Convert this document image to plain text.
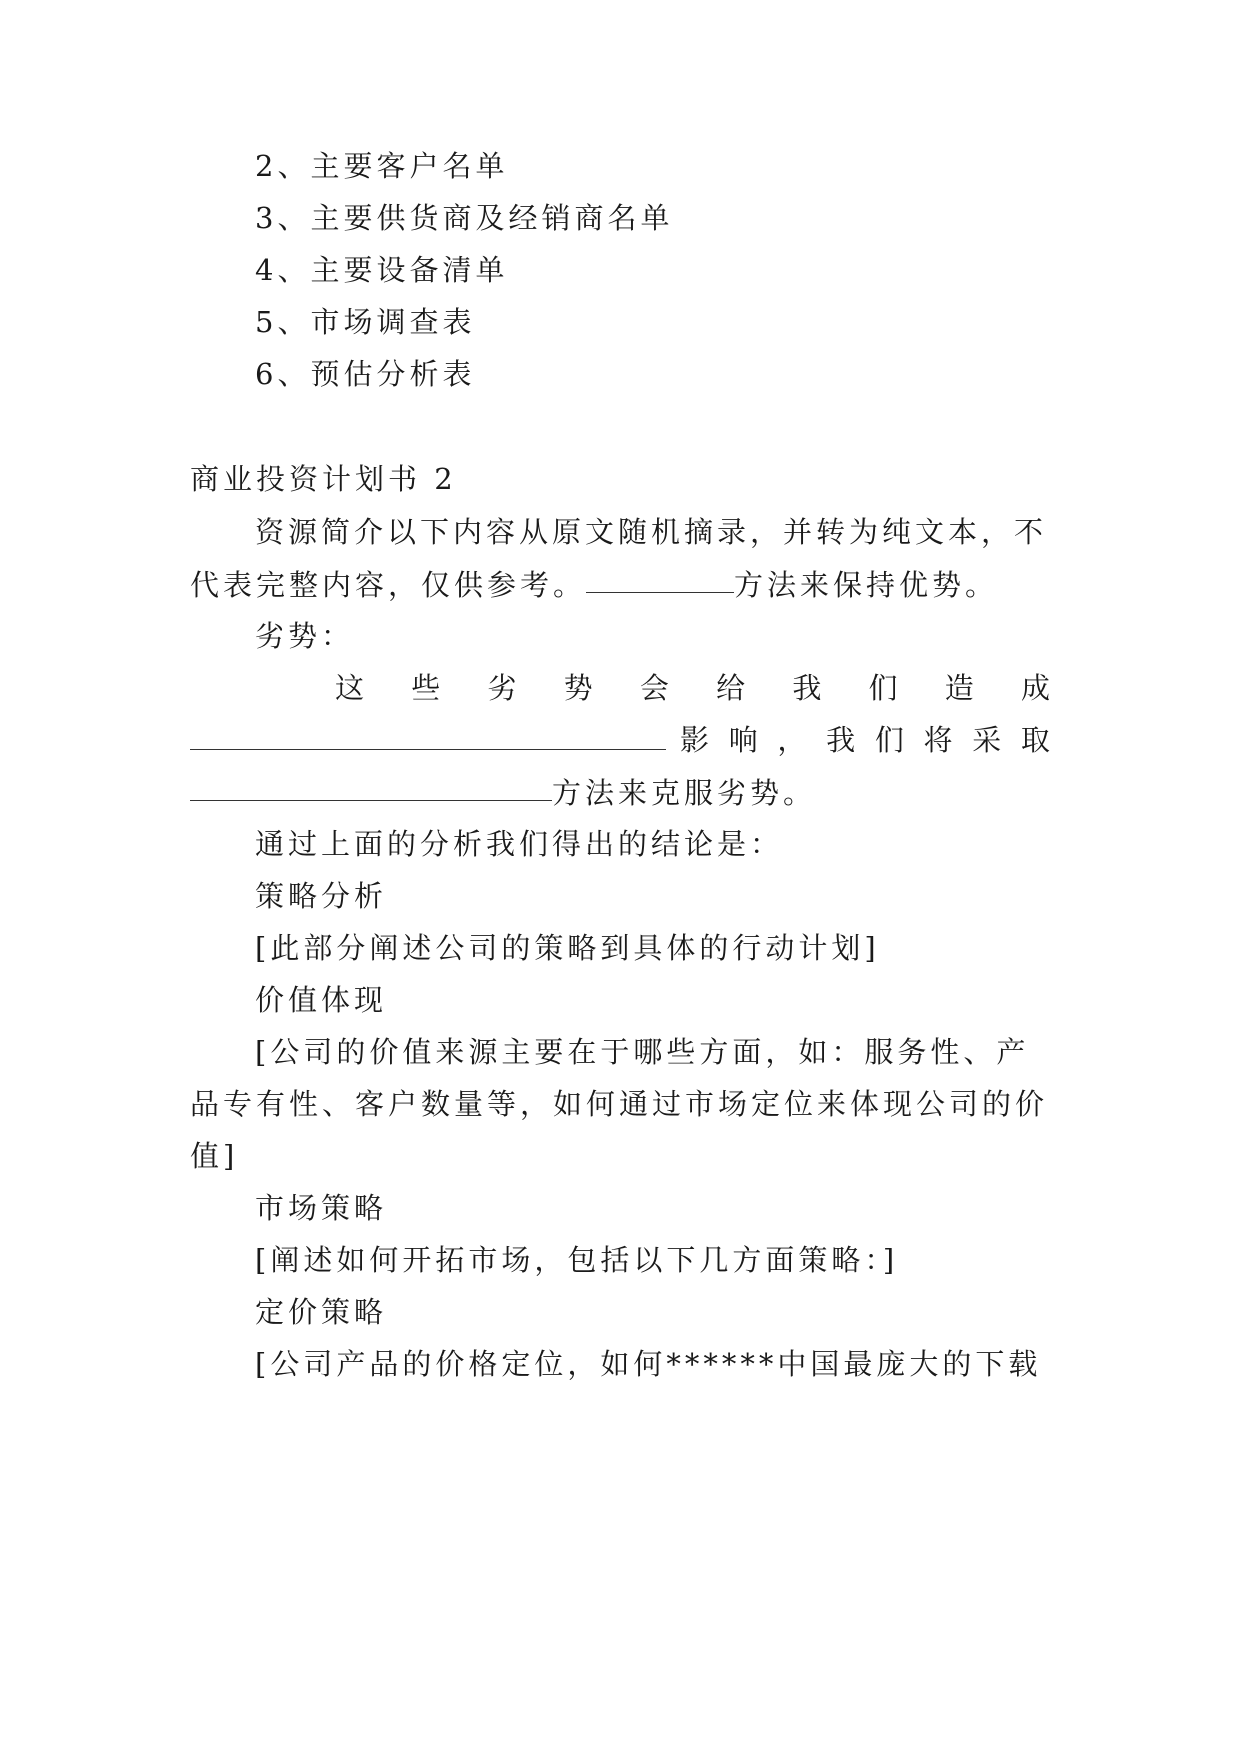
2、主要客户名单
3、主要供货商及经销商名单
4、主要设备清单
5、市场调查表
6、预估分析表
商业投资计划书 2
资源简介以下内容从原文随机摘录，并转为纯文本，不
代表完整内容，仅供参考。	方法来保持优势。
劣势：
这 些 劣 势 会 给 我 们 造 成
影 响 ， 我 们 将 采 取
方法来克服劣势。
通过上面的分析我们得出的结论是：
策略分析
[此部分阐述公司的策略到具体的行动计划]
价值体现
[公司的价值来源主要在于哪些方面，如：服务性、产
品专有性、客户数量等，如何通过市场定位来体现公司的价
值]
市场策略
[阐述如何开拓市场，包括以下几方面策略：]
定价策略
[公司产品的价格定位，如何******中国最庞大的下载
